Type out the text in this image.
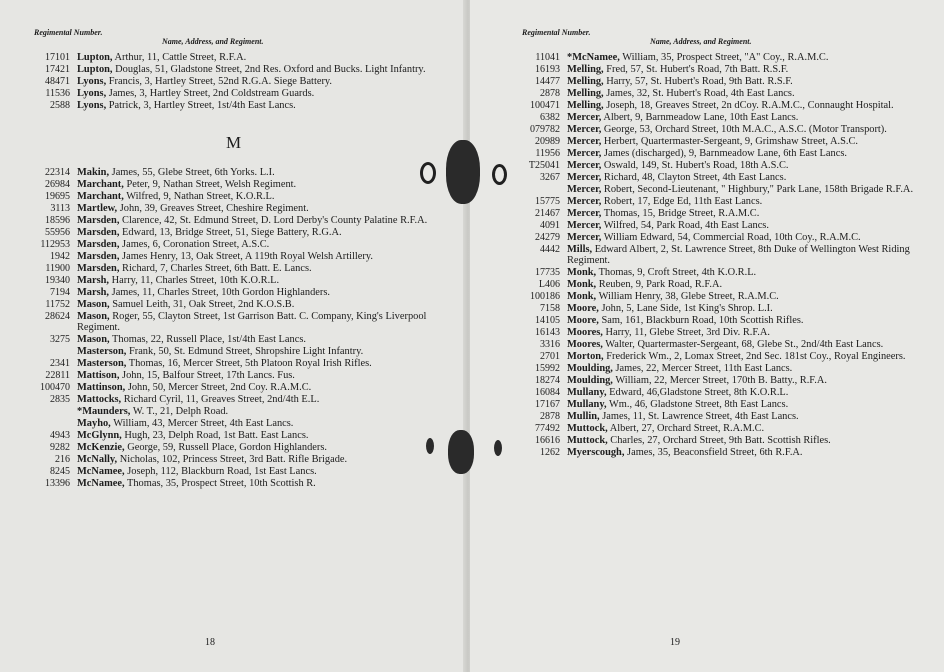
Regimental Number.
Name, Address, and Regiment.
17101 Lupton, Arthur, 11, Cattle Street, R.F.A.
17421 Lupton, Douglas, 51, Gladstone Street, 2nd Res. Oxford and Bucks. Light Infantry.
48471 Lyons, Francis, 3, Hartley Street, 52nd R.G.A. Siege Battery.
11536 Lyons, James, 3, Hartley Street, 2nd Coldstream Guards.
2588 Lyons, Patrick, 3, Hartley Street, 1st/4th East Lancs.
M
22314 Makin, James, 55, Glebe Street, 6th Yorks. L.I.
26984 Marchant, Peter, 9, Nathan Street, Welsh Regiment.
19695 Marchant, Wilfred, 9, Nathan Street, K.O.R.L.
3113 Martlew, John, 39, Greaves Street, Cheshire Regiment.
18596 Marsden, Clarence, 42, St. Edmund Street, D. Lord Derby's County Palatine R.F.A.
55956 Marsden, Edward, 13, Bridge Street, 51, Siege Battery, R.G.A.
112953 Marsden, James, 6, Coronation Street, A.S.C.
1942 Marsden, James Henry, 13, Oak Street, A 119th Royal Welsh Artillery.
11900 Marsden, Richard, 7, Charles Street, 6th Batt. E. Lancs.
19340 Marsh, Harry, 11, Charles Street, 10th K.O.R.L.
7194 Marsh, James, 11, Charles Street, 10th Gordon Highlanders.
11752 Mason, Samuel Leith, 31, Oak Street, 2nd K.O.S.B.
28624 Mason, Roger, 55, Clayton Street, 1st Garrison Batt. C. Company, King's Liverpool Regiment.
3275 Mason, Thomas, 22, Russell Place, 1st/4th East Lancs.
Masterson, Frank, 50, St. Edmund Street, Shropshire Light Infantry.
2341 Masterson, Thomas, 16, Mercer Street, 5th Platoon Royal Irish Rifles.
22811 Mattison, John, 15, Balfour Street, 17th Lancs. Fus.
100470 Mattinson, John, 50, Mercer Street, 2nd Coy. R.A.M.C.
2835 Mattocks, Richard Cyril, 11, Greaves Street, 2nd/4th E.L.
*Maunders, W. T., 21, Delph Road.
Mayho, William, 43, Mercer Street, 4th East Lancs.
4943 McGlynn, Hugh, 23, Delph Road, 1st Batt. East Lancs.
9282 McKenzie, George, 59, Russell Place, Gordon Highlanders.
216 McNally, Nicholas, 102, Princess Street, 3rd Batt. Rifle Brigade.
8245 McNamee, Joseph, 112, Blackburn Road, 1st East Lancs.
13396 McNamee, Thomas, 35, Prospect Street, 10th Scottish R.
18
Regimental Number.
Name, Address, and Regiment.
11041 *McNamee, William, 35, Prospect Street, "A" Coy., R.A.M.C.
16193 Melling, Fred, 57, St. Hubert's Road, 7th Batt. R.S.F.
14477 Melling, Harry, 57, St. Hubert's Road, 9th Batt. R.S.F.
2878 Melling, James, 32, St. Hubert's Road, 4th East Lancs.
100471 Melling, Joseph, 18, Greaves Street, 2n dCoy. R.A.M.C., Connaught Hospital.
6382 Mercer, Albert, 9, Barnmeadow Lane, 10th East Lancs.
079782 Mercer, George, 53, Orchard Street, 10th M.A.C., A.S.C. (Motor Transport).
20989 Mercer, Herbert, Quartermaster-Sergeant, 9, Grimshaw Street, A.S.C.
11956 Mercer, James (discharged), 9, Barnmeadow Lane, 6th East Lancs.
T25041 Mercer, Oswald, 149, St. Hubert's Road, 18th A.S.C.
3267 Mercer, Richard, 48, Clayton Street, 4th East Lancs.
Mercer, Robert, Second-Lieutenant, " Highbury," Park Lane, 158th Brigade R.F.A.
15775 Mercer, Robert, 17, Edge Ed, 11th East Lancs.
21467 Mercer, Thomas, 15, Bridge Street, R.A.M.C.
4091 Mercer, Wilfred, 54, Park Road, 4th East Lancs.
24279 Mercer, William Edward, 54, Commercial Road, 10th Coy., R.A.M.C.
4442 Mills, Edward Albert, 2, St. Lawrence Street, 8th Duke of Wellington West Riding Regiment.
17735 Monk, Thomas, 9, Croft Street, 4th K.O.R.L.
L406 Monk, Reuben, 9, Park Road, R.F.A.
100186 Monk, William Henry, 38, Glebe Street, R.A.M.C.
7158 Moore, John, 5, Lane Side, 1st King's Shrop. L.I.
14105 Moore, Sam, 161, Blackburn Road, 10th Scottish Rifles.
16143 Moores, Harry, 11, Glebe Street, 3rd Div. R.F.A.
3316 Moores, Walter, Quartermaster-Sergeant, 68, Glebe St., 2nd/4th East Lancs.
2701 Morton, Frederick Wm., 2, Lomax Street, 2nd Sec. 181st Coy., Royal Engineers.
15992 Moulding, James, 22, Mercer Street, 11th East Lancs.
18274 Moulding, William, 22, Mercer Street, 170th B. Batty., R.F.A.
16084 Mullany, Edward, 46,Gladstone Street, 8th K.O.R.L.
17167 Mullany, Wm., 46, Gladstone Street, 8th East Lancs.
2878 Mullin, James, 11, St. Lawrence Street, 4th East Lancs.
77492 Muttock, Albert, 27, Orchard Street, R.A.M.C.
16616 Muttock, Charles, 27, Orchard Street, 9th Batt. Scottish Rifles.
1262 Myerscough, James, 35, Beaconsfield Street, 6th R.F.A.
19
